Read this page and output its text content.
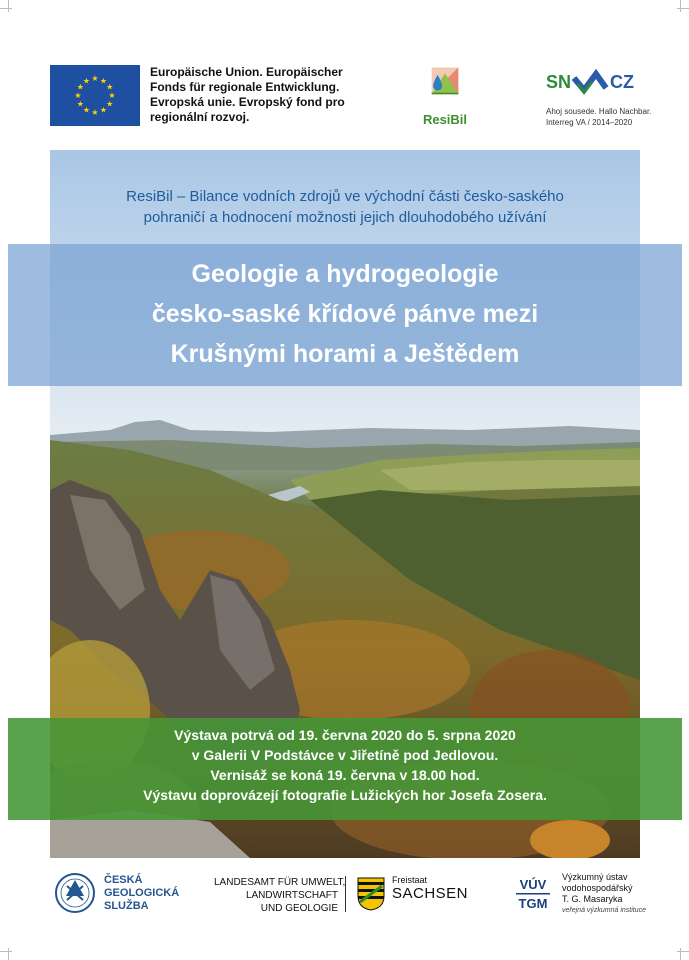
★ ★
★
★
★
★
★
★
★
★
★
★
Europäische Union. Europäischer
Fonds für regionale Entwicklung.
Evropská unie. Evropský fond pro
regionální rozvoj.	ResiBil
SN CZ
Ahoj sousede. Hallo Nachbar.
Interreg VA / 2014–2020
ResiBil – Bilance vodních zdrojů ve východní části česko-saského
pohraničí a hodnocení možnosti jejich dlouhodobého užívání
Geologie a hydrogeologie
česko-saské křídové pánve mezi
Krušnými horami a Ještědem
Výstava potrvá od 19. června 2020 do 5. srpna 2020
v Galerii V Podstávce v Jiřetíně pod Jedlovou.
Vernisáž se koná 19. června v 18.00 hod.
Výstavu doprovázejí fotografie Lužických hor Josefa Zosera.
ČESKÁ
GEOLOGICKÁ
SLUŽBA
LANDESAMT FÜR UMWELT,
LANDWIRTSCHAFT
UND GEOLOGIE
Freistaat
SACHSEN
VÚV
TGM
Výzkumný ústav
vodohospodářský
T. G. Masaryka
veřejná výzkumná instituce
